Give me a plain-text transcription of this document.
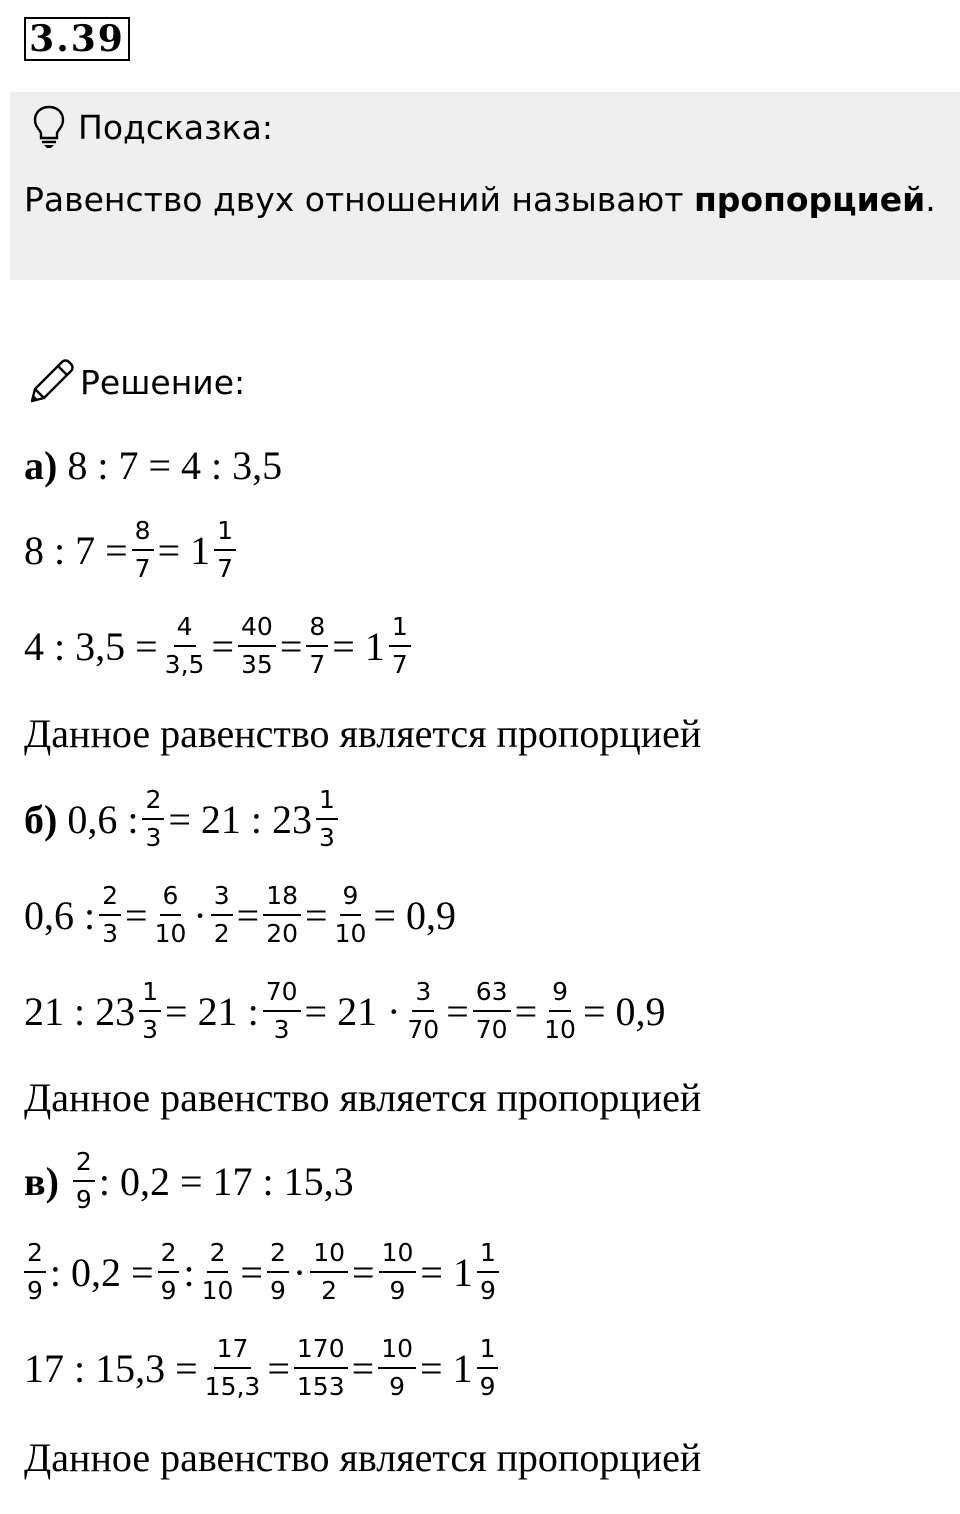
3.39
Подсказка:
Равенство двух отношений называют пропорцией.
Решение:
а) 8 : 7 = 4 : 3,5
8 : $7 = \frac{8}{7} = 1 \frac{1}{7}$
4 : $3,5 = \frac{4}{3,5} = \frac{40}{35} = \frac{8}{7} = 1 \frac{1}{7}$
Данное равенство является пропорцией
б) 0,6 : $\frac{2}{3} = 21$ : $23 \frac{1}{3}$
0,6 : $\frac{2}{3} = \frac{6}{10} \cdot \frac{3}{2} = \frac{18}{20} = \frac{9}{10} = 0,9$
21 : $23 \frac{1}{3} = 21$ : $\frac{70}{3} = 21 \cdot \frac{3}{70} = \frac{63}{70} = \frac{9}{10} = 0,9$
Данное равенство является пропорцией
$в) \frac{2}{9}$ : 0,2 = 17 : 15,3
$\frac{2}{9}$ : $0,2 = \frac{2}{9}$ : $\frac{2}{10} = \frac{2}{9} \cdot \frac{10}{2} = \frac{10}{9} = 1 \frac{1}{9}$
17 : $15,3 = \frac{17}{15,3} = \frac{170}{153} = \frac{10}{9} = 1 \frac{1}{9}$
Данное равенство является пропорцией
